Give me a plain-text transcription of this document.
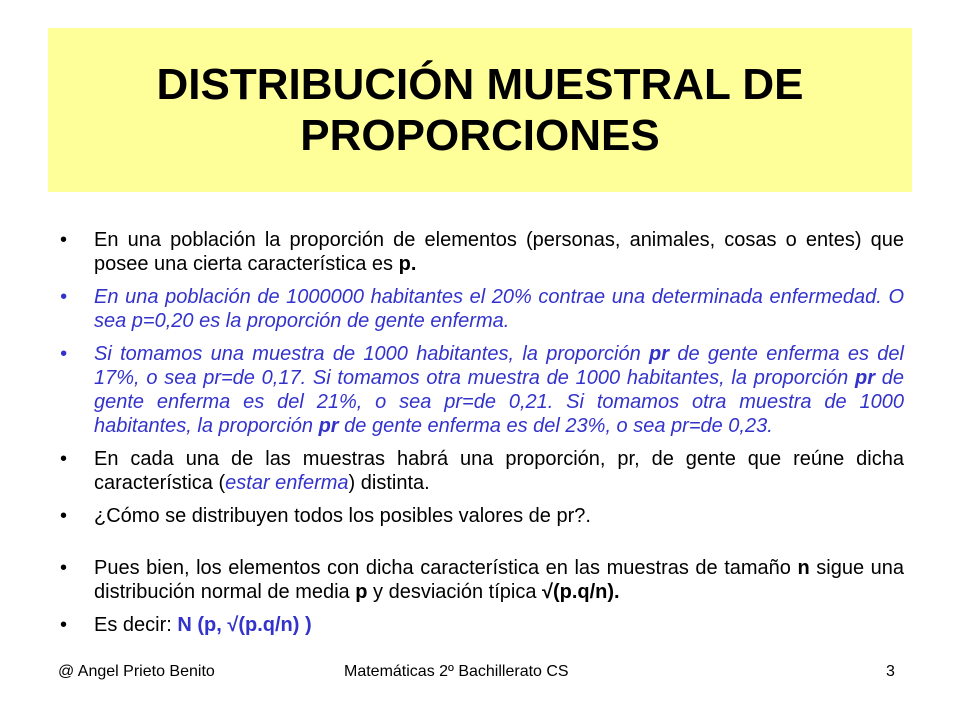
DISTRIBUCIÓN MUESTRAL DE
PROPORCIONES
• En una población la proporción de elementos (personas, animales, cosas o entes) que posee una cierta característica es p.
• En una población de 1000000 habitantes el 20% contrae una determinada enfermedad. O sea p=0,20 es la proporción de gente enferma.
• Si tomamos una muestra de 1000 habitantes, la proporción pr de gente enferma es del 17%, o sea pr=de 0,17. Si tomamos otra muestra de 1000 habitantes, la proporción pr de gente enferma es del 21%, o sea pr=de 0,21. Si tomamos otra muestra de 1000 habitantes, la proporción pr de gente enferma es del 23%, o sea pr=de 0,23.
• En cada una de las muestras habrá una proporción, pr, de gente que reúne dicha característica (estar enferma) distinta.
• ¿Cómo se distribuyen todos los posibles valores de pr?.
• Pues bien, los elementos con dicha característica en las muestras de tamaño n sigue una distribución normal de media p y desviación típica √(p.q/n).
• Es decir: N (p, √(p.q/n) )
@ Angel Prieto Benito	Matemáticas 2º Bachillerato CS	3
